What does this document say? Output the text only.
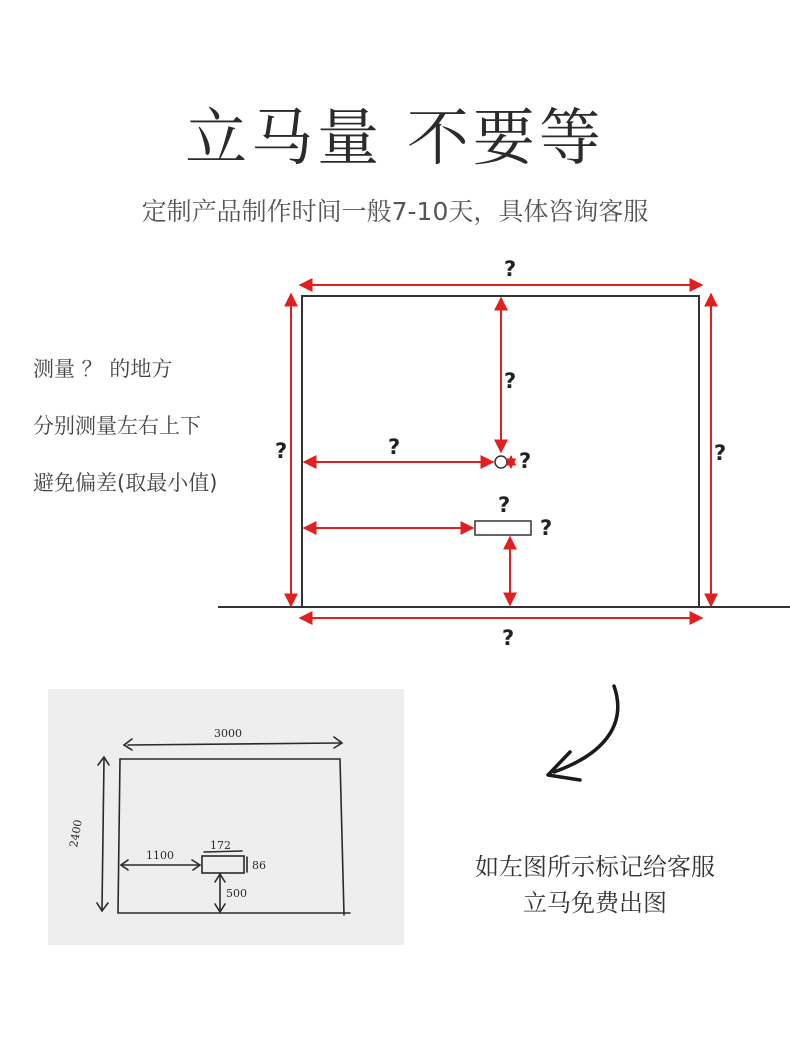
立马量 不要等
定制产品制作时间一般7-10天，具体咨询客服
测量 ？ 的地方
分别测量左右上下
避免偏差(取最小值)
?
?
?	?
?
?
?
?
?
3000
2400
1100
172
86
500
如左图所示标记给客服
立马免费出图
